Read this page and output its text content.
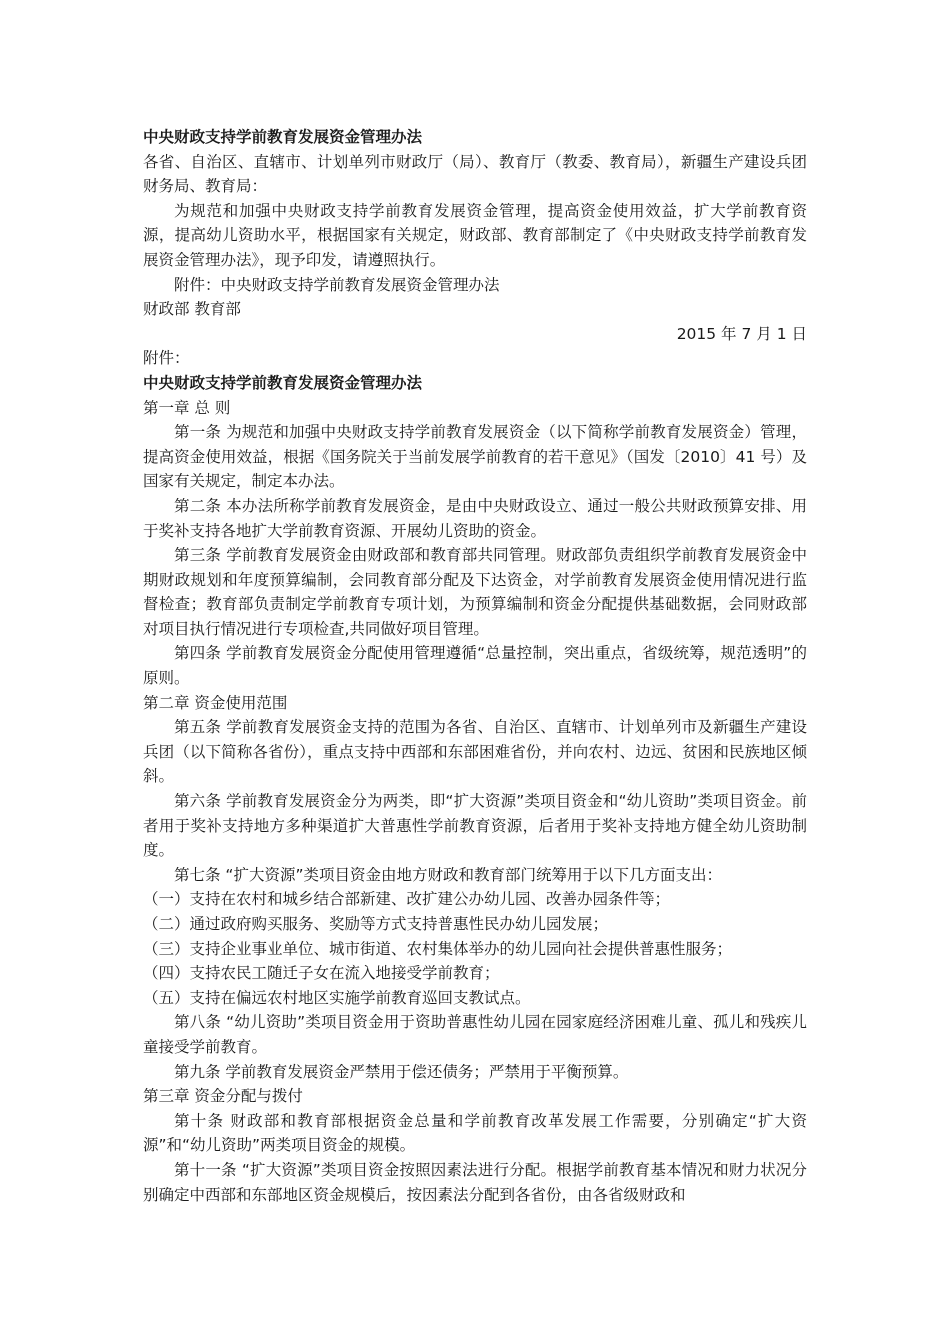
中央财政支持学前教育发展资金管理办法

各省、自治区、直辖市、计划单列市财政厅（局）、教育厅（教委、教育局），新疆生产建设兵团财务局、教育局：

为规范和加强中央财政支持学前教育发展资金管理，提高资金使用效益，扩大学前教育资源，提高幼儿资助水平，根据国家有关规定，财政部、教育部制定了《中央财政支持学前教育发展资金管理办法》，现予印发，请遵照执行。

附件：中央财政支持学前教育发展资金管理办法

财政部 教育部

2015 年 7 月 1 日

附件：

中央财政支持学前教育发展资金管理办法

第一章 总 则

第一条 为规范和加强中央财政支持学前教育发展资金（以下简称学前教育发展资金）管理，提高资金使用效益，根据《国务院关于当前发展学前教育的若干意见》（国发〔2010〕41 号）及国家有关规定，制定本办法。

第二条 本办法所称学前教育发展资金，是由中央财政设立、通过一般公共财政预算安排、用于奖补支持各地扩大学前教育资源、开展幼儿资助的资金。

第三条 学前教育发展资金由财政部和教育部共同管理。财政部负责组织学前教育发展资金中期财政规划和年度预算编制，会同教育部分配及下达资金，对学前教育发展资金使用情况进行监督检查；教育部负责制定学前教育专项计划，为预算编制和资金分配提供基础数据，会同财政部对项目执行情况进行专项检查,共同做好项目管理。

第四条 学前教育发展资金分配使用管理遵循“总量控制，突出重点，省级统筹，规范透明”的原则。

第二章 资金使用范围

第五条 学前教育发展资金支持的范围为各省、自治区、直辖市、计划单列市及新疆生产建设兵团（以下简称各省份），重点支持中西部和东部困难省份，并向农村、边远、贫困和民族地区倾斜。

第六条 学前教育发展资金分为两类，即“扩大资源”类项目资金和“幼儿资助”类项目资金。前者用于奖补支持地方多种渠道扩大普惠性学前教育资源，后者用于奖补支持地方健全幼儿资助制度。

第七条 “扩大资源”类项目资金由地方财政和教育部门统筹用于以下几方面支出：

（一）支持在农村和城乡结合部新建、改扩建公办幼儿园、改善办园条件等；

（二）通过政府购买服务、奖励等方式支持普惠性民办幼儿园发展；

（三）支持企业事业单位、城市街道、农村集体举办的幼儿园向社会提供普惠性服务；

（四）支持农民工随迁子女在流入地接受学前教育；

（五）支持在偏远农村地区实施学前教育巡回支教试点。

第八条 “幼儿资助”类项目资金用于资助普惠性幼儿园在园家庭经济困难儿童、孤儿和残疾儿童接受学前教育。

第九条 学前教育发展资金严禁用于偿还债务；严禁用于平衡预算。

第三章 资金分配与拨付

第十条 财政部和教育部根据资金总量和学前教育改革发展工作需要，分别确定“扩大资源”和“幼儿资助”两类项目资金的规模。

第十一条 “扩大资源”类项目资金按照因素法进行分配。根据学前教育基本情况和财力状况分别确定中西部和东部地区资金规模后，按因素法分配到各省份，由各省级财政和
